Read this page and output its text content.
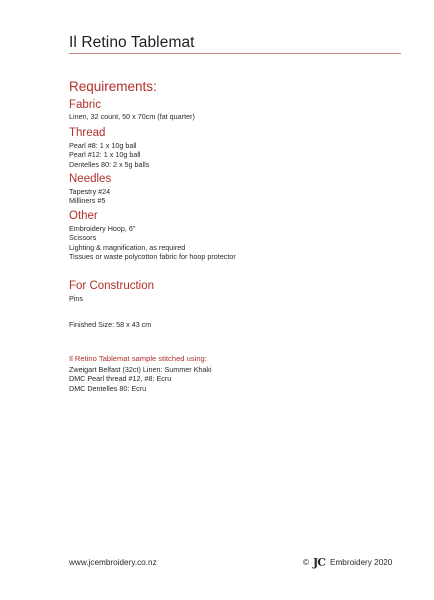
Il Retino Tablemat
Requirements:
Fabric
Linen, 32 count, 50 x 70cm (fat quarter)
Thread
Pearl #8: 1 x 10g ball
Pearl #12: 1 x 10g ball
Dentelles 80: 2 x 5g balls
Needles
Tapestry #24
Milliners #5
Other
Embroidery Hoop, 6"
Scissors
Lighting & magnification, as required
Tissues or waste polycotton fabric for hoop protector
For Construction
Pins
Finished Size: 58 x 43 cm
Il Retino Tablemat sample stitched using:
Zweigart Belfast (32ct) Linen: Summer Khaki
DMC Pearl thread #12, #8: Ecru
DMC Dentelles 80: Ecru
www.jcembroidery.co.nz	© JC Embroidery 2020
